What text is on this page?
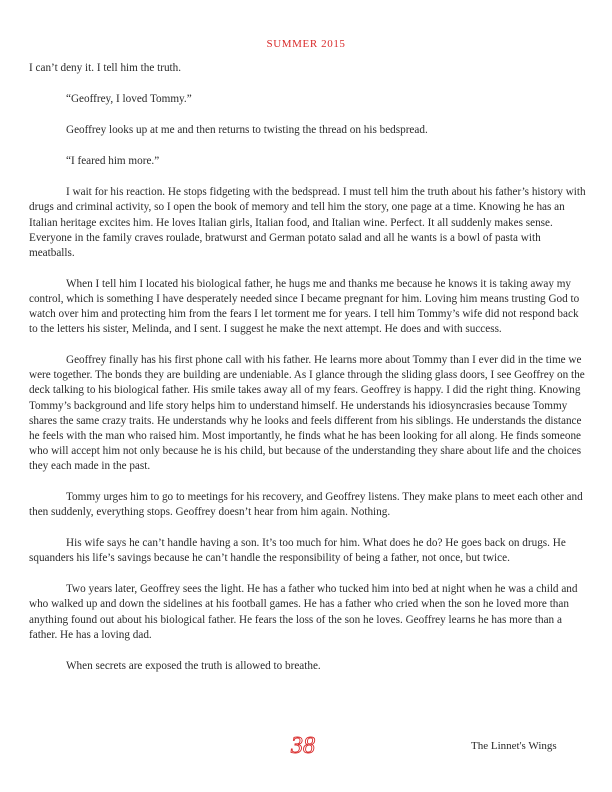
SUMMER 2015

I can’t deny it. I tell him the truth.

“Geoffrey, I loved Tommy.”

Geoffrey looks up at me and then returns to twisting the thread on his bedspread.

“I feared him more.”

I wait for his reaction. He stops fidgeting with the bedspread. I must tell him the truth about his father’s history with drugs and criminal activity, so I open the book of memory and tell him the story, one page at a time. Knowing he has an Italian heritage excites him. He loves Italian girls, Italian food, and Italian wine. Perfect. It all suddenly makes sense. Everyone in the family craves roulade, bratwurst and German potato salad and all he wants is a bowl of pasta with meatballs.

When I tell him I located his biological father, he hugs me and thanks me because he knows it is taking away my control, which is something I have desperately needed since I became pregnant for him. Loving him means trusting God to watch over him and protecting him from the fears I let torment me for years. I tell him Tommy’s wife did not respond back to the letters his sister, Melinda, and I sent. I suggest he make the next attempt. He does and with success.

Geoffrey finally has his first phone call with his father. He learns more about Tommy than I ever did in the time we were together. The bonds they are building are undeniable. As I glance through the sliding glass doors, I see Geoffrey on the deck talking to his biological father. His smile takes away all of my fears. Geoffrey is happy. I did the right thing. Knowing Tommy’s background and life story helps him to understand himself. He understands his idiosyncrasies because Tommy shares the same crazy traits. He understands why he looks and feels different from his siblings. He understands the distance he feels with the man who raised him. Most importantly, he finds what he has been looking for all along. He finds someone who will accept him not only because he is his child, but because of the understanding they share about life and the choices they each made in the past.

Tommy urges him to go to meetings for his recovery, and Geoffrey listens. They make plans to meet each other and then suddenly, everything stops. Geoffrey doesn’t hear from him again. Nothing.

His wife says he can’t handle having a son. It’s too much for him. What does he do? He goes back on drugs. He squanders his life’s savings because he can’t handle the responsibility of being a father, not once, but twice.

Two years later, Geoffrey sees the light. He has a father who tucked him into bed at night when he was a child and who walked up and down the sidelines at his football games. He has a father who cried when the son he loved more than anything found out about his biological father. He fears the loss of the son he loves. Geoffrey learns he has more than a father. He has a loving dad.

When secrets are exposed the truth is allowed to breathe.

38	The Linnet's Wings
